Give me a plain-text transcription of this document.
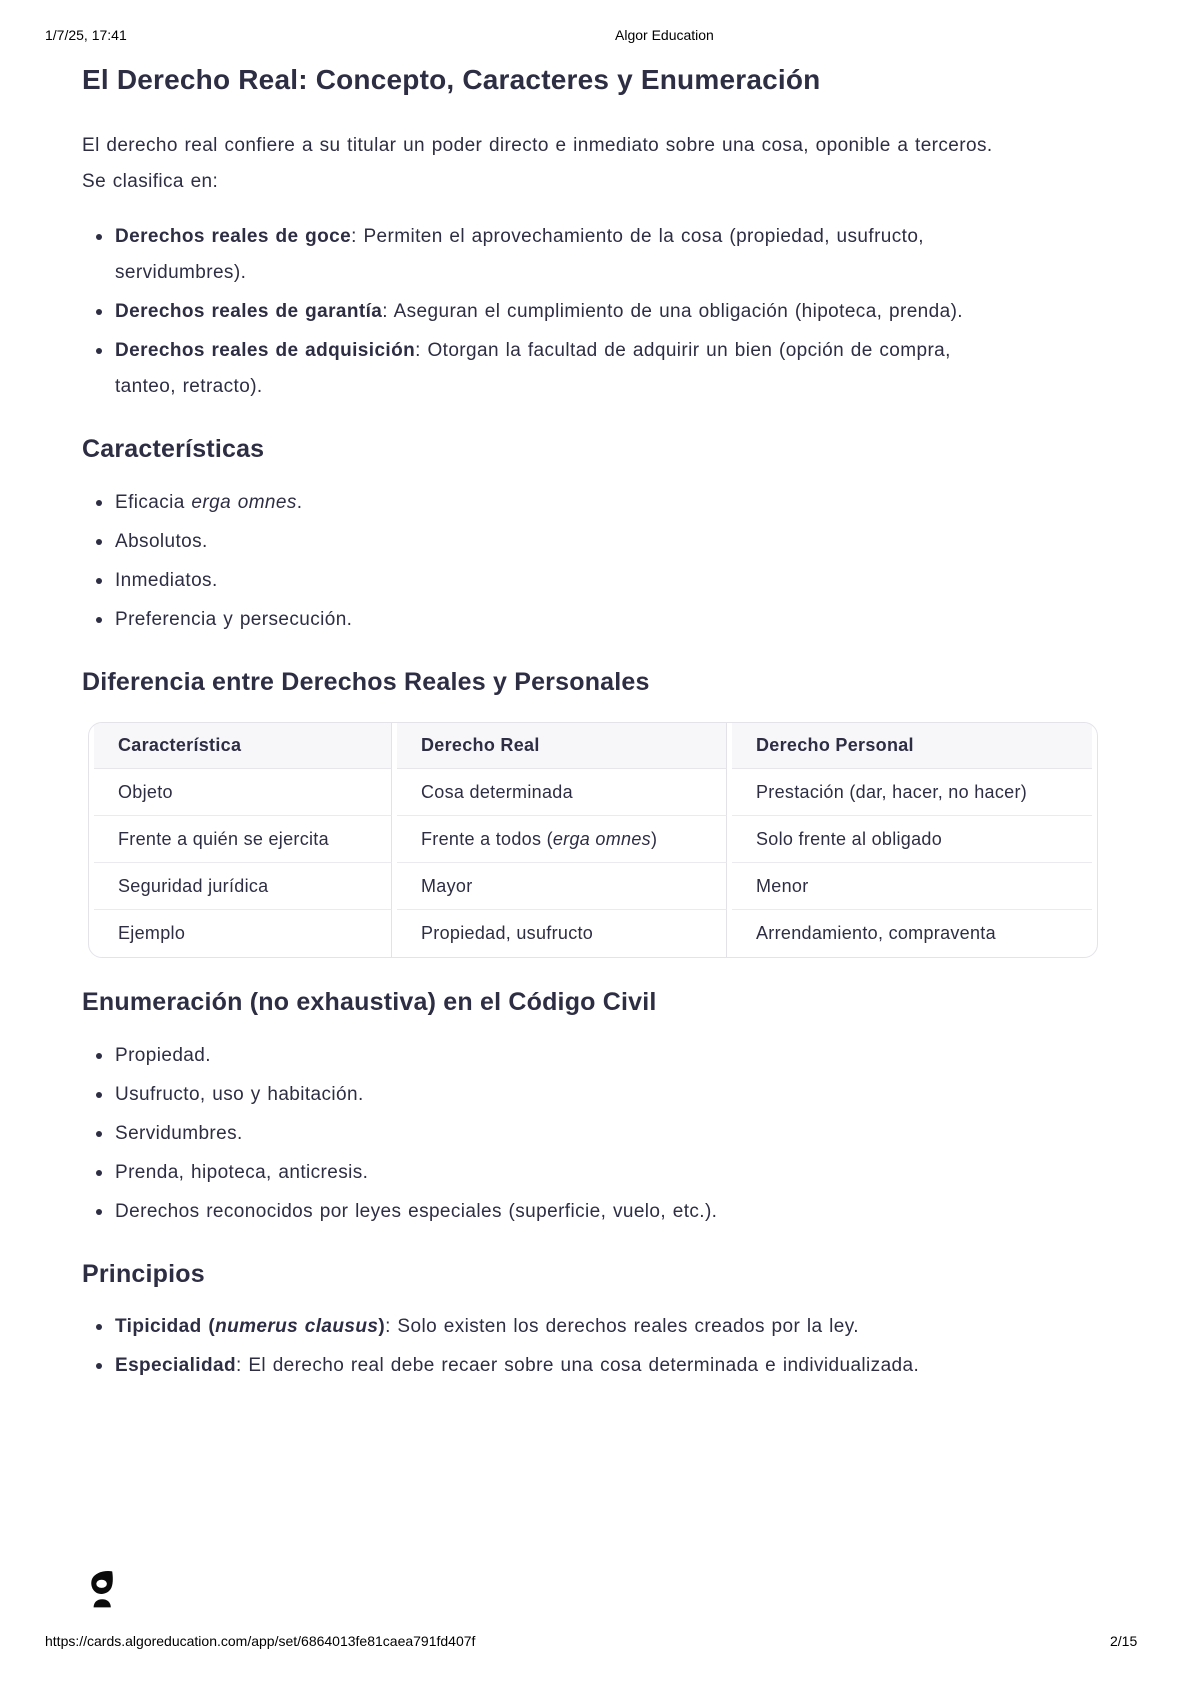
1/7/25, 17:41	Algor Education
https://cards.algoreducation.com/app/set/6864013fe81caea791fd407f	2/15
El Derecho Real: Concepto, Caracteres y Enumeración

El derecho real confiere a su titular un poder directo e inmediato sobre una cosa, oponible a terceros. Se clasifica en:

Derechos reales de goce: Permiten el aprovechamiento de la cosa (propiedad, usufructo, servidumbres).
Derechos reales de garantía: Aseguran el cumplimiento de una obligación (hipoteca, prenda).
Derechos reales de adquisición: Otorgan la facultad de adquirir un bien (opción de compra, tanteo, retracto).
Características
Eficacia erga omnes.
Absolutos.
Inmediatos.
Preferencia y persecución.
Diferencia entre Derechos Reales y Personales
Característica	Derecho Real	Derecho Personal
Objeto	Cosa determinada	Prestación (dar, hacer, no hacer)
Frente a quién se ejercita	Frente a todos (erga omnes)	Solo frente al obligado
Seguridad jurídica	Mayor	Menor
Ejemplo	Propiedad, usufructo	Arrendamiento, compraventa
Enumeración (no exhaustiva) en el Código Civil
Propiedad.
Usufructo, uso y habitación.
Servidumbres.
Prenda, hipoteca, anticresis.
Derechos reconocidos por leyes especiales (superficie, vuelo, etc.).
Principios
Tipicidad (numerus clausus): Solo existen los derechos reales creados por la ley.
Especialidad: El derecho real debe recaer sobre una cosa determinada e individualizada.
